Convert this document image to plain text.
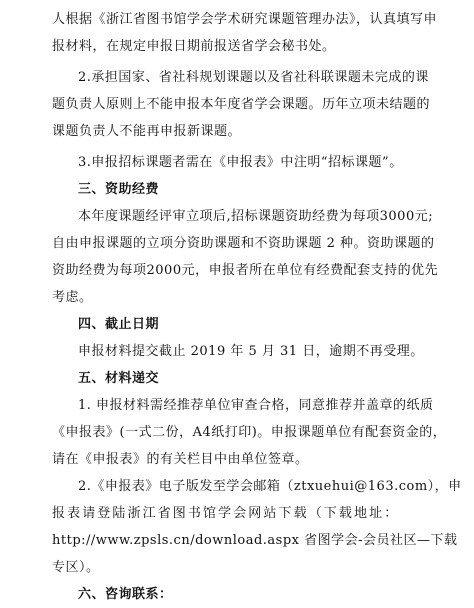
人根据《浙江省图书馆学会学术研究课题管理办法》，认真填写申
报材料，在规定申报日期前报送省学会秘书处。
2.承担国家、省社科规划课题以及省社科联课题未完成的课
题负责人原则上不能申报本年度省学会课题。历年立项未结题的
课题负责人不能再申报新课题。
3.申报招标课题者需在《申报表》中注明“招标课题”。
三、资助经费
本年度课题经评审立项后,招标课题资助经费为每项3000元;
自由申报课题的立项分资助课题和不资助课题 2 种。资助课题的
资助经费为每项2000元，申报者所在单位有经费配套支持的优先
考虑。
四、截止日期
申报材料提交截止 2019 年 5 月 31 日，逾期不再受理。
五、材料递交
1. 申报材料需经推荐单位审查合格，同意推荐并盖章的纸质
《申报表》(一式二份，A4纸打印)。申报课题单位有配套资金的，
请在《申报表》的有关栏目中由单位签章。
2.《申报表》电子版发至学会邮箱（ztxuehui@163.com），申
报表请登陆浙江省图书馆学会网站下载（下载地址：
http://www.zpsls.cn/download.aspx 省图学会-会员社区—下载
专区）。
六、咨询联系：
